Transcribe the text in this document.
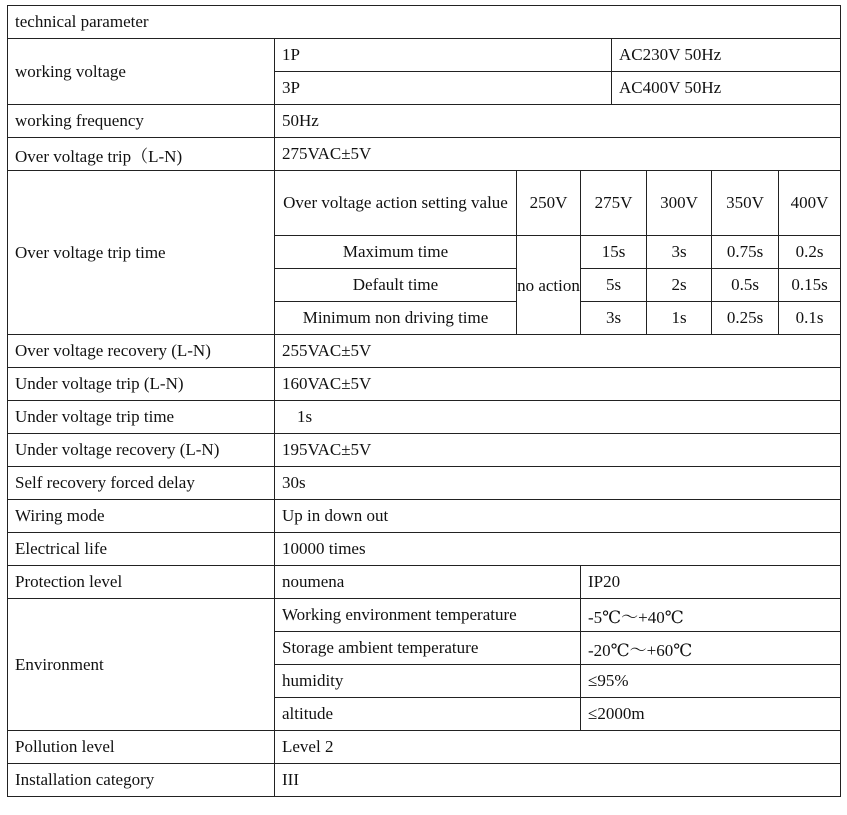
technical parameter							
working voltage	1P			AC230V 50Hz			
	3P			AC400V 50Hz			
working frequency	50Hz						
Over voltage trip（L-N)	275VAC±5V						
Over voltage trip time	Over voltage action setting value	250V	275V		300V	350V	400V
	Maximum time	no action	15s		3s	0.75s	0.2s
	Default time		5s		2s	0.5s	0.15s
	Minimum non driving time		3s		1s	0.25s	0.1s
Over voltage recovery (L-N)	255VAC±5V						
Under voltage trip (L-N)	160VAC±5V						
Under voltage trip time	1s						
Under voltage recovery (L-N)	195VAC±5V						
Self recovery forced delay	30s						
Wiring mode	Up in down out						
Electrical life	10000 times						
Protection level	noumena		IP20				
Environment	Working environment temperature		-5℃～+40℃				
	Storage ambient temperature		-20℃～+60℃				
	humidity		≤95%				
	altitude		≤2000m				
Pollution level	Level 2						
Installation category	III						
